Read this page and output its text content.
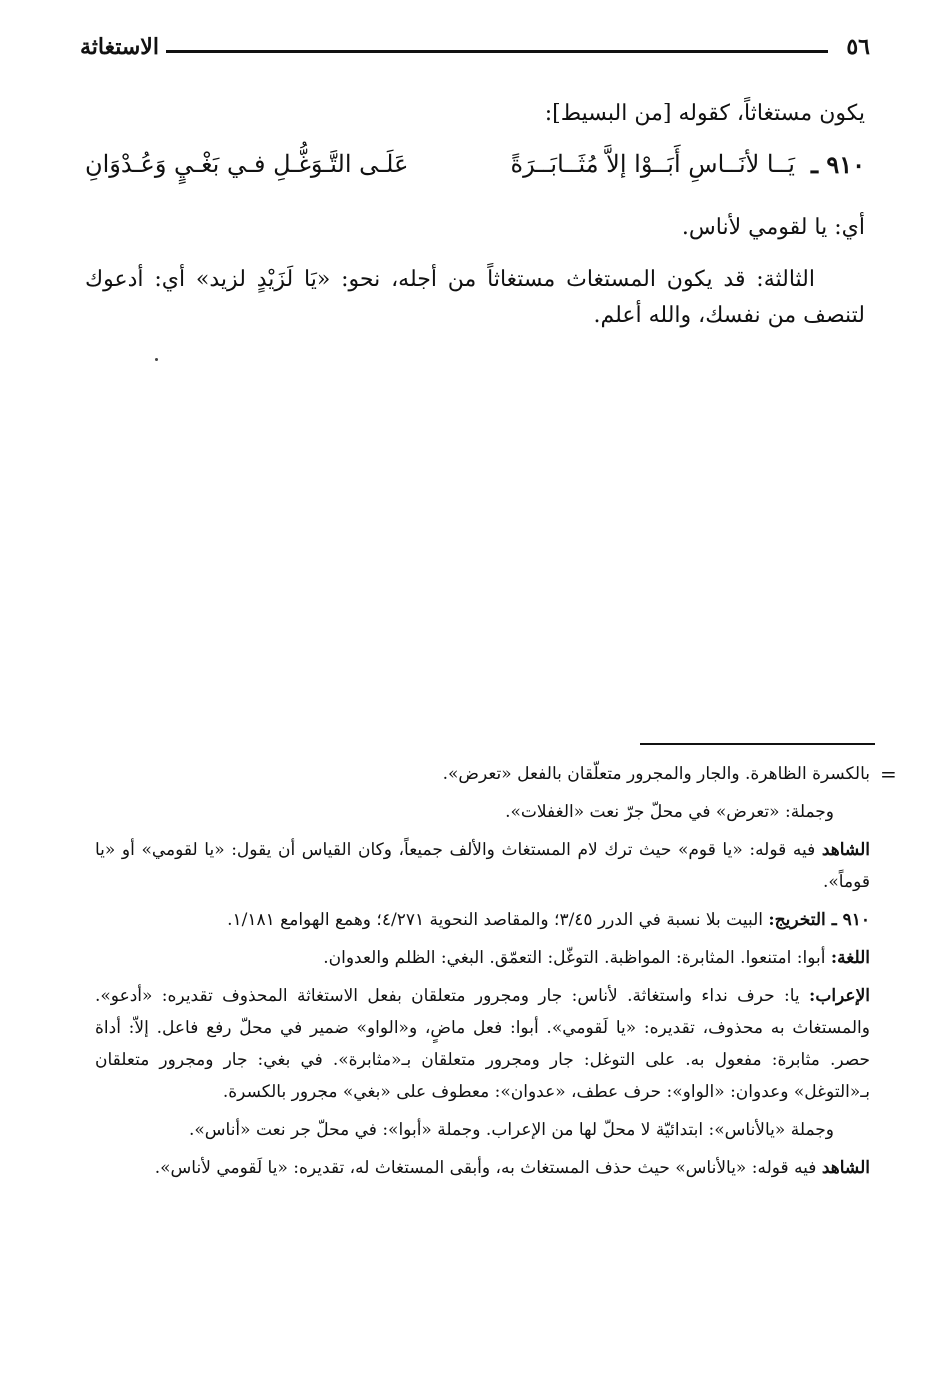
٥٦
الاستغاثة

يكون مستغاثاً، كقوله [من البسيط]:

٩١٠ ـ
يَــا لأنَــاسِ أَبَــوْا إلاَّ مُثَــابَــرَةً
عَلَـى التَّـوَغُّـلِ فـي بَغْـيٍ وَعُـدْوَانِ

أي: يا لقومي لأناس.

الثالثة: قد يكون المستغاث مستغاثاً من أجله، نحو: «يَا لَزَيْدٍ لزيد» أي: أدعوك لتنصف من نفسك، والله أعلم.

=

بالكسرة الظاهرة. والجار والمجرور متعلّقان بالفعل «تعرض».

وجملة: «تعرض» في محلّ جرّ نعت «الغفلات».

الشاهد فيه قوله: «يا قوم» حيث ترك لام المستغاث والألف جميعاً، وكان القياس أن يقول: «يا لقومي» أو «يا قوماً».

٩١٠ ـ التخريج: البيت بلا نسبة في الدرر ٣/٤٥؛ والمقاصد النحوية ٤/٢٧١؛ وهمع الهوامع ١/١٨١.

اللغة: أبوا: امتنعوا. المثابرة: المواظبة. التوغّل: التعمّق. البغي: الظلم والعدوان.

الإعراب: يا: حرف نداء واستغاثة. لأناس: جار ومجرور متعلقان بفعل الاستغاثة المحذوف تقديره: «أدعو». والمستغاث به محذوف، تقديره: «يا لَقومي». أبوا: فعل ماضٍ، و«الواو» ضمير في محلّ رفع فاعل. إلاّ: أداة حصر. مثابرة: مفعول به. على التوغل: جار ومجرور متعلقان بـ«مثابرة». في بغي: جار ومجرور متعلقان بـ«التوغل» وعدوان: «الواو»: حرف عطف، «عدوان»: معطوف على «بغي» مجرور بالكسرة.

وجملة «يالأناس»: ابتدائيّة لا محلّ لها من الإعراب. وجملة «أبوا»: في محلّ جر نعت «أناس».

الشاهد فيه قوله: «يالأناس» حيث حذف المستغاث به، وأبقى المستغاث له، تقديره: «يا لَقومي لأناس».
